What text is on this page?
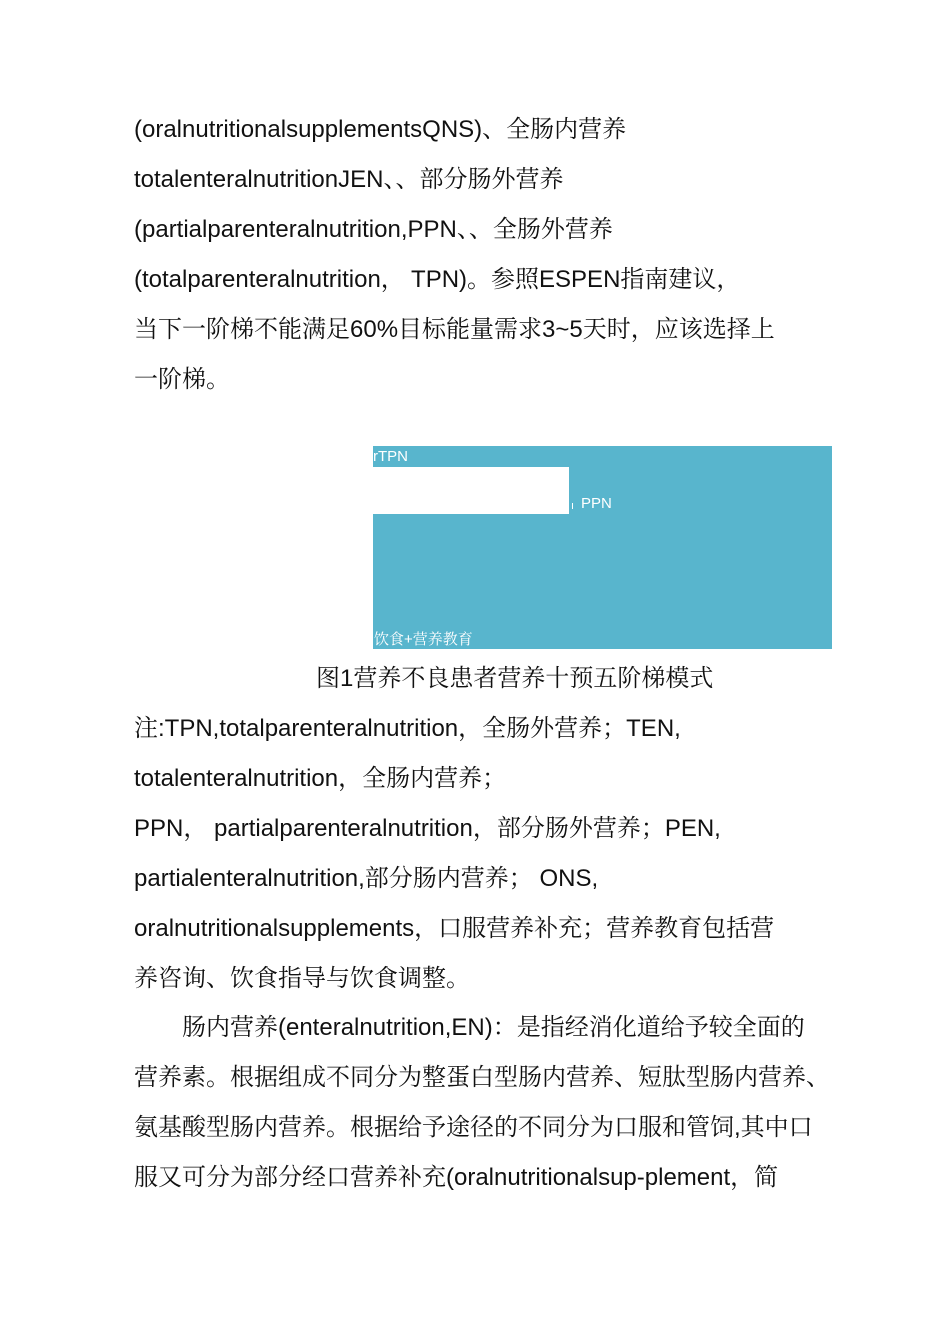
(oralnutritionalsupplementsQNS)、全肠内营养
totalenteralnutritionJEN、、部分肠外营养
(partialparenteralnutrition,PPN、、全肠外营养
(totalparenteralnutrition， TPN)。参照ESPEN指南建议，
当下一阶梯不能满足60%目标能量需求3~5天时，应该选择上
一阶梯。
rTPN
PPN
饮食+营养教育
图1营养不良患者营养十预五阶梯模式
注:TPN,totalparenteralnutrition，全肠外营养；TEN,
totalenteralnutrition，全肠内营养；
PPN， partialparenteralnutrition，部分肠外营养；PEN,
partialenteralnutrition,部分肠内营养； ONS,
oralnutritionalsupplements，口服营养补充；营养教育包括营
养咨询、饮食指导与饮食调整。
　　肠内营养(enteralnutrition,EN)：是指经消化道给予较全面的
营养素。根据组成不同分为整蛋白型肠内营养、短肽型肠内营养、
氨基酸型肠内营养。根据给予途径的不同分为口服和管饲,其中口
服又可分为部分经口营养补充(oralnutritionalsup-plement，简
